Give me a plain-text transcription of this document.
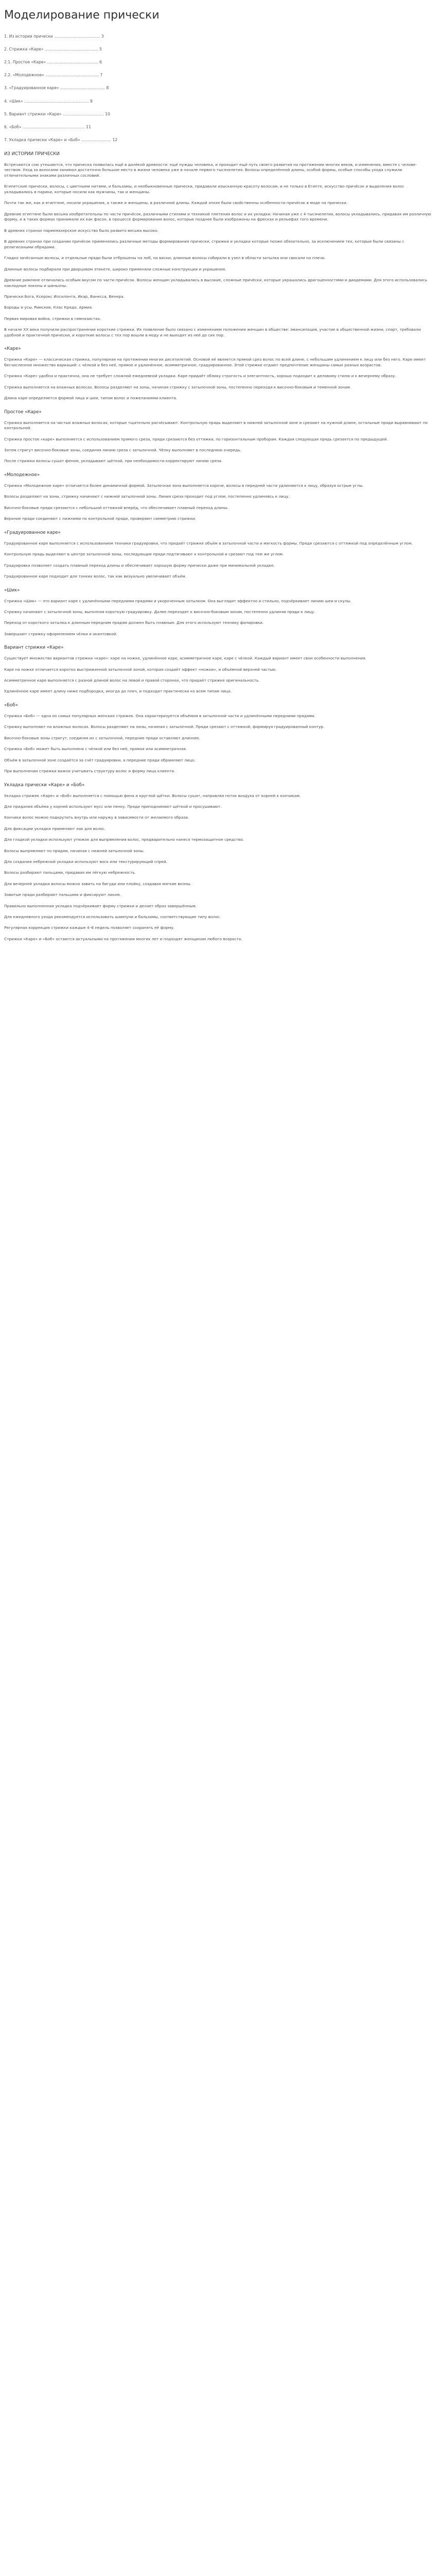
Моделирование прически
1. Из истории прически ..................................... 3
2. Стрижка «Каре» ........................................... 5
2.1. Простое «Каре» ......................................... 6
2.2. «Молодежное» ........................................... 7
3. «Градуированное каре» .................................... 8
4. «Шик» .................................................... 9
5. Вариант стрижки «Каре» ................................. 10
6. «Боб» .................................................. 11
7. Укладка прически «Каре» и «Боб» ........................ 12
ИЗ ИСТОРИИ ПРИЧЕСКИ

Встречаются сою утешаются, что прическа появилась ещё в далёкой древности: ещё нужды человека, и проходит ещё путь своего развития на протяжении многих веков, и изменения, вместе с человечеством. Уход за волосами занимал достаточно большое место в жизни человека уже в начале первого тысячелетия. Волосы определённой длины, особой формы, особые способы ухода служили отличительными знаками различных сословий.

Египетские прически, волосы, с цветными нитями, и бальзамы, и необыкновенные прически, придавали изысканную красоту волосам, и не только в Египте, искусство причёсок и выделения волос укладывались в парики, которые носили как мужчины, так и женщины.

Почти так же, как и египтяне, носили украшения, а также и женщины, в различной длины. Каждой эпохе были свойственны особенности причёсок в моде на прически.

Древние египтяне были весьма изобретательны по части причёсок, различными стилями и техникой плетения волос и их укладки. Начиная уже с 4 тысячелетия, волосы укладывались, придавая им различную форму, и в таких формах принимали их как фасон, в процессе формирования волос, которые позднее были изображены на фресках и рельефах того времени.

В древних странах парикмахерское искусство было развито весьма высоко.

В древних странах при создании причёсок применялись различные методы формирования прически, стрижки и укладки которые позже обязательно, за исключением тех, которые были связаны с религиозными обрядами.

Гладко зачёсанные волосы, и отдельные пряди были отброшены на лоб, на виски; длинные волосы собирали в узел в области затылка или свисали на плечи.

Длинные волосы подбирали при дворцовом этикете, широко применяли сложные конструкции и украшения.

Древние римляне отличались особым вкусом по части причёсок. Волосы женщин укладывались в высокие, сложные причёски, которые украшались драгоценностями и диадемами. Для этого использовались накладные локоны и шиньоны.

Прически Бога, Ксерокс Ипсилонта, Икар, Ванесса, Венера.

Бороды и усы, Римские, Клас Кредо, Армия.

Первая мировая война, стрижки в гимназистах.

В начале XX века получили распространение короткие стрижки. Их появление было связано с изменением положения женщин в обществе: эмансипация, участие в общественной жизни, спорт, требовали удобной и практичной прически, и короткие волосы с тех пор вошли в моду и не выходят из неё до сих пор.

«Каре»

Стрижка «Каре» — классическая стрижка, популярная на протяжении многих десятилетий. Основой её является прямой срез волос по всей длине, с небольшим удлинением к лицу или без него. Каре имеет бесчисленное множество вариаций: с чёлкой и без неё, прямое и удлинённое, асимметричное, градуированное. Этой стрижке отдают предпочтение женщины самых разных возрастов.

Стрижка «Каре» удобна и практична, она не требует сложной ежедневной укладки. Каре придаёт облику строгость и элегантность, хорошо подходит к деловому стилю и к вечернему образу.

Стрижка выполняется на влажных волосах. Волосы разделяют на зоны, начиная стрижку с затылочной зоны, постепенно переходя к височно-боковым и теменной зонам.

Длина каре определяется формой лица и шеи, типом волос и пожеланиями клиента.

Простое «Каре»

Стрижка выполняется на чистых влажных волосах, которые тщательно расчёсывают. Контрольную прядь выделяют в нижней затылочной зоне и срезают на нужной длине, остальные пряди выравнивают по контрольной.

Стрижка простое «каре» выполняется с использованием прямого среза, пряди срезаются без оттяжки, по горизонтальным проборам. Каждая следующая прядь срезается по предыдущей.

Затем стригут височно-боковые зоны, соединяя линию среза с затылочной. Чёлку выполняют в последнюю очередь.

После стрижки волосы сушат феном, укладывают щёткой, при необходимости корректируют линию среза.

«Молодежное»

Стрижка «Молодежное каре» отличается более динамичной формой. Затылочная зона выполняется короче, волосы в передней части удлиняются к лицу, образуя острые углы.

Волосы разделяют на зоны, стрижку начинают с нижней затылочной зоны. Линия среза проходит под углом, постепенно удлиняясь к лицу.

Височно-боковые пряди срезаются с небольшой оттяжкой вперёд, что обеспечивает плавный переход длины.

Верхние пряди соединяют с нижними по контрольной пряди, проверяют симметрию стрижки.

«Градуированное каре»

Градуированное каре выполняется с использованием техники градуировки, что придаёт стрижке объём в затылочной части и мягкость формы. Пряди срезаются с оттяжкой под определённым углом.

Контрольную прядь выделяют в центре затылочной зоны, последующие пряди подтягивают к контрольной и срезают под тем же углом.

Градуировка позволяет создать плавный переход длины и обеспечивает хорошую форму прически даже при минимальной укладке.

Градуированное каре подходит для тонких волос, так как визуально увеличивает объём.

«Шик»

Стрижка «Шик» — это вариант каре с удлинёнными передними прядями и укороченным затылком. Она выглядит эффектно и стильно, подчёркивает линию шеи и скулы.

Стрижку начинают с затылочной зоны, выполняя короткую градуировку. Далее переходят к височно-боковым зонам, постепенно удлиняя пряди к лицу.

Переход от короткого затылка к длинным передним прядям должен быть плавным. Для этого используют технику филировки.

Завершают стрижку оформлением чёлки и окантовкой.

Вариант стрижки «Каре»

Существует множество вариантов стрижки «каре»: каре на ножке, удлинённое каре, асимметричное каре, каре с чёлкой. Каждый вариант имеет свои особенности выполнения.

Каре на ножке отличается коротко выстриженной затылочной зоной, которая создаёт эффект «ножки», и объёмной верхней частью.

Асимметричное каре выполняется с разной длиной волос на левой и правой сторонах, что придаёт стрижке оригинальность.

Удлинённое каре имеет длину ниже подбородка, иногда до плеч, и подходит практически ко всем типам лица.

«Боб»

Стрижка «Боб» — одна из самых популярных женских стрижек. Она характеризуется объёмом в затылочной части и удлинёнными передними прядями.

Стрижку выполняют на влажных волосах. Волосы разделяют на зоны, начиная с затылочной. Пряди срезают с оттяжкой, формируя градуированный контур.

Височно-боковые зоны стригут, соединяя их с затылочной, передние пряди оставляют длиннее.

Стрижка «Боб» может быть выполнена с чёлкой или без неё, прямая или асимметричная.

Объём в затылочной зоне создаётся за счёт градуировки, а передние пряди обрамляют лицо.

При выполнении стрижки важно учитывать структуру волос и форму лица клиента.

Укладка прически «Каре» и «Боб»

Укладка стрижек «Каре» и «Боб» выполняется с помощью фена и круглой щётки. Волосы сушат, направляя поток воздуха от корней к кончикам.

Для придания объёма у корней используют мусс или пенку. Пряди приподнимают щёткой и просушивают.

Кончики волос можно подкрутить внутрь или наружу в зависимости от желаемого образа.

Для фиксации укладки применяют лак для волос.

Для гладкой укладки используют утюжок для выпрямления волос, предварительно нанеся термозащитное средство.

Волосы выпрямляют по прядям, начиная с нижней затылочной зоны.

Для создания небрежной укладки используют воск или текстурирующий спрей.

Волосы разбирают пальцами, придавая им лёгкую небрежность.

Для вечерней укладки волосы можно завить на бигуди или плойку, создавая мягкие волны.

Завитые пряди разбирают пальцами и фиксируют лаком.

Правильно выполненная укладка подчёркивает форму стрижки и делает образ завершённым.

Для ежедневного ухода рекомендуется использовать шампуни и бальзамы, соответствующие типу волос.

Регулярная коррекция стрижки каждые 4–6 недель позволяет сохранять её форму.

Стрижки «Каре» и «Боб» остаются актуальными на протяжении многих лет и подходят женщинам любого возраста.
